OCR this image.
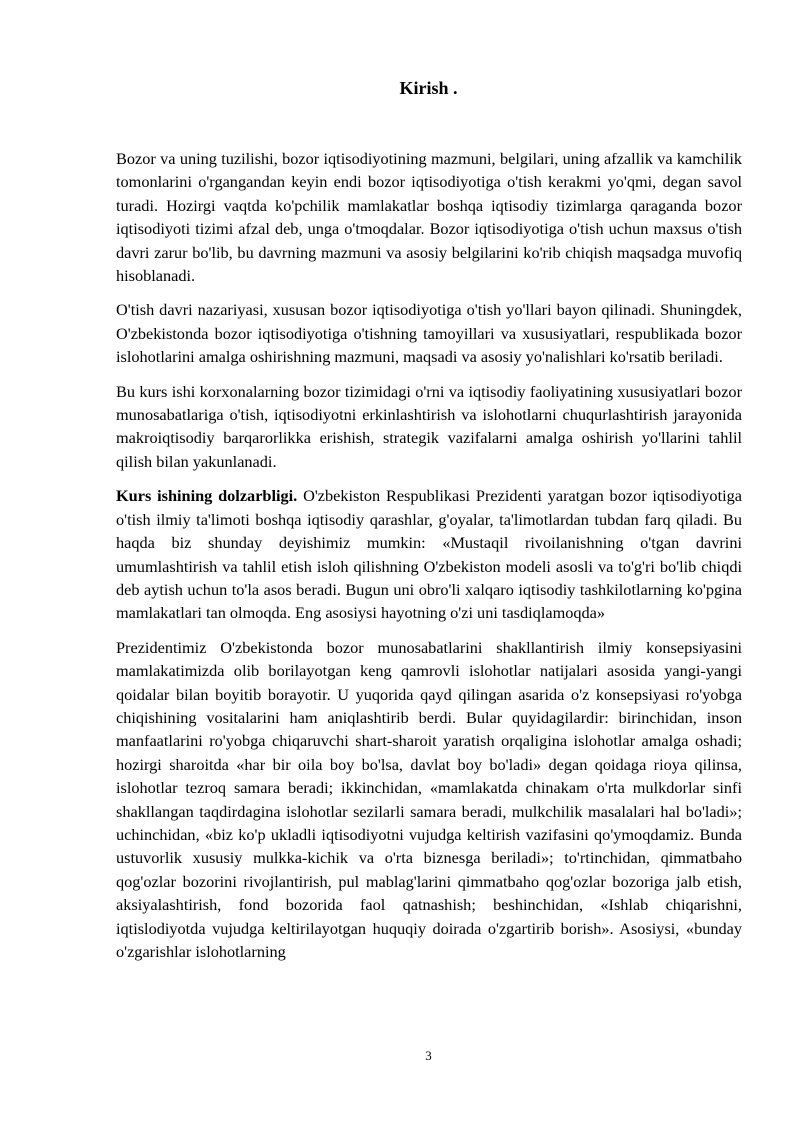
Kirish .

Bozor va uning tuzilishi, bozor iqtisodiyotining mazmuni, belgilari, uning afzallik va kamchilik tomonlarini o'rgangandan keyin endi bozor iqtisodiyotiga o'tish kerakmi yo'qmi, degan savol turadi. Hozirgi vaqtda ko'pchilik mamlakatlar boshqa iqtisodiy tizimlarga qaraganda bozor iqtisodiyoti tizimi afzal deb, unga o'tmoqdalar. Bozor iqtisodiyotiga o'tish uchun maxsus o'tish davri zarur bo'lib, bu davrning mazmuni va asosiy belgilarini ko'rib chiqish maqsadga muvofiq hisoblanadi.

O'tish davri nazariyasi, xususan bozor iqtisodiyotiga o'tish yo'llari bayon qilinadi. Shuningdek, O'zbekistonda bozor iqtisodiyotiga o'tishning tamoyillari va xususiyatlari, respublikada bozor islohotlarini amalga oshirishning mazmuni, maqsadi va asosiy yo'nalishlari ko'rsatib beriladi.

Bu kurs ishi korxonalarning bozor tizimidagi o'rni va iqtisodiy faoliyatining xususiyatlari bozor munosabatlariga o'tish, iqtisodiyotni erkinlashtirish va islohotlarni chuqurlashtirish jarayonida makroiqtisodiy barqarorlikka erishish, strategik vazifalarni amalga oshirish yo'llarini tahlil qilish bilan yakunlanadi.

Kurs ishining dolzarbligi. O'zbekiston Respublikasi Prezidenti yaratgan bozor iqtisodiyotiga o'tish ilmiy ta'limoti boshqa iqtisodiy qarashlar, g'oyalar, ta'limotlardan tubdan farq qiladi. Bu haqda biz shunday deyishimiz mumkin: «Mustaqil rivoilanishning o'tgan davrini umumlashtirish va tahlil etish isloh qilishning O'zbekiston modeli asosli va to'g'ri bo'lib chiqdi deb aytish uchun to'la asos beradi. Bugun uni obro'li xalqaro iqtisodiy tashkilotlarning ko'pgina mamlakatlari tan olmoqda. Eng asosiysi hayotning o'zi uni tasdiqlamoqda»

Prezidentimiz O'zbekistonda bozor munosabatlarini shakllantirish ilmiy konsepsiyasini mamlakatimizda olib borilayotgan keng qamrovli islohotlar natijalari asosida yangi-yangi qoidalar bilan boyitib borayotir. U yuqorida qayd qilingan asarida o'z konsepsiyasi ro'yobga chiqishining vositalarini ham aniqlashtirib berdi. Bular quyidagilardir: birinchidan, inson manfaatlarini ro'yobga chiqaruvchi shart-sharoit yaratish orqaligina islohotlar amalga oshadi; hozirgi sharoitda «har bir oila boy bo'lsa, davlat boy bo'ladi» degan qoidaga rioya qilinsa, islohotlar tezroq samara beradi; ikkinchidan, «mamlakatda chinakam o'rta mulkdorlar sinfi shakllangan taqdirdagina islohotlar sezilarli samara beradi, mulkchilik masalalari hal bo'ladi»; uchinchidan, «biz ko'p ukladli iqtisodiyotni vujudga keltirish vazifasini qo'ymoqdamiz. Bunda ustuvorlik xususiy mulkka-kichik va o'rta biznesga beriladi»; to'rtinchidan, qimmatbaho qog'ozlar bozorini rivojlantirish, pul mablag'larini qimmatbaho qog'ozlar bozoriga jalb etish, aksiyalashtirish, fond bozorida faol qatnashish; beshinchidan, «Ishlab chiqarishni, iqtislodiyotda vujudga keltirilayotgan huquqiy doirada o'zgartirib borish». Asosiysi, «bunday o'zgarishlar islohotlarning

3
